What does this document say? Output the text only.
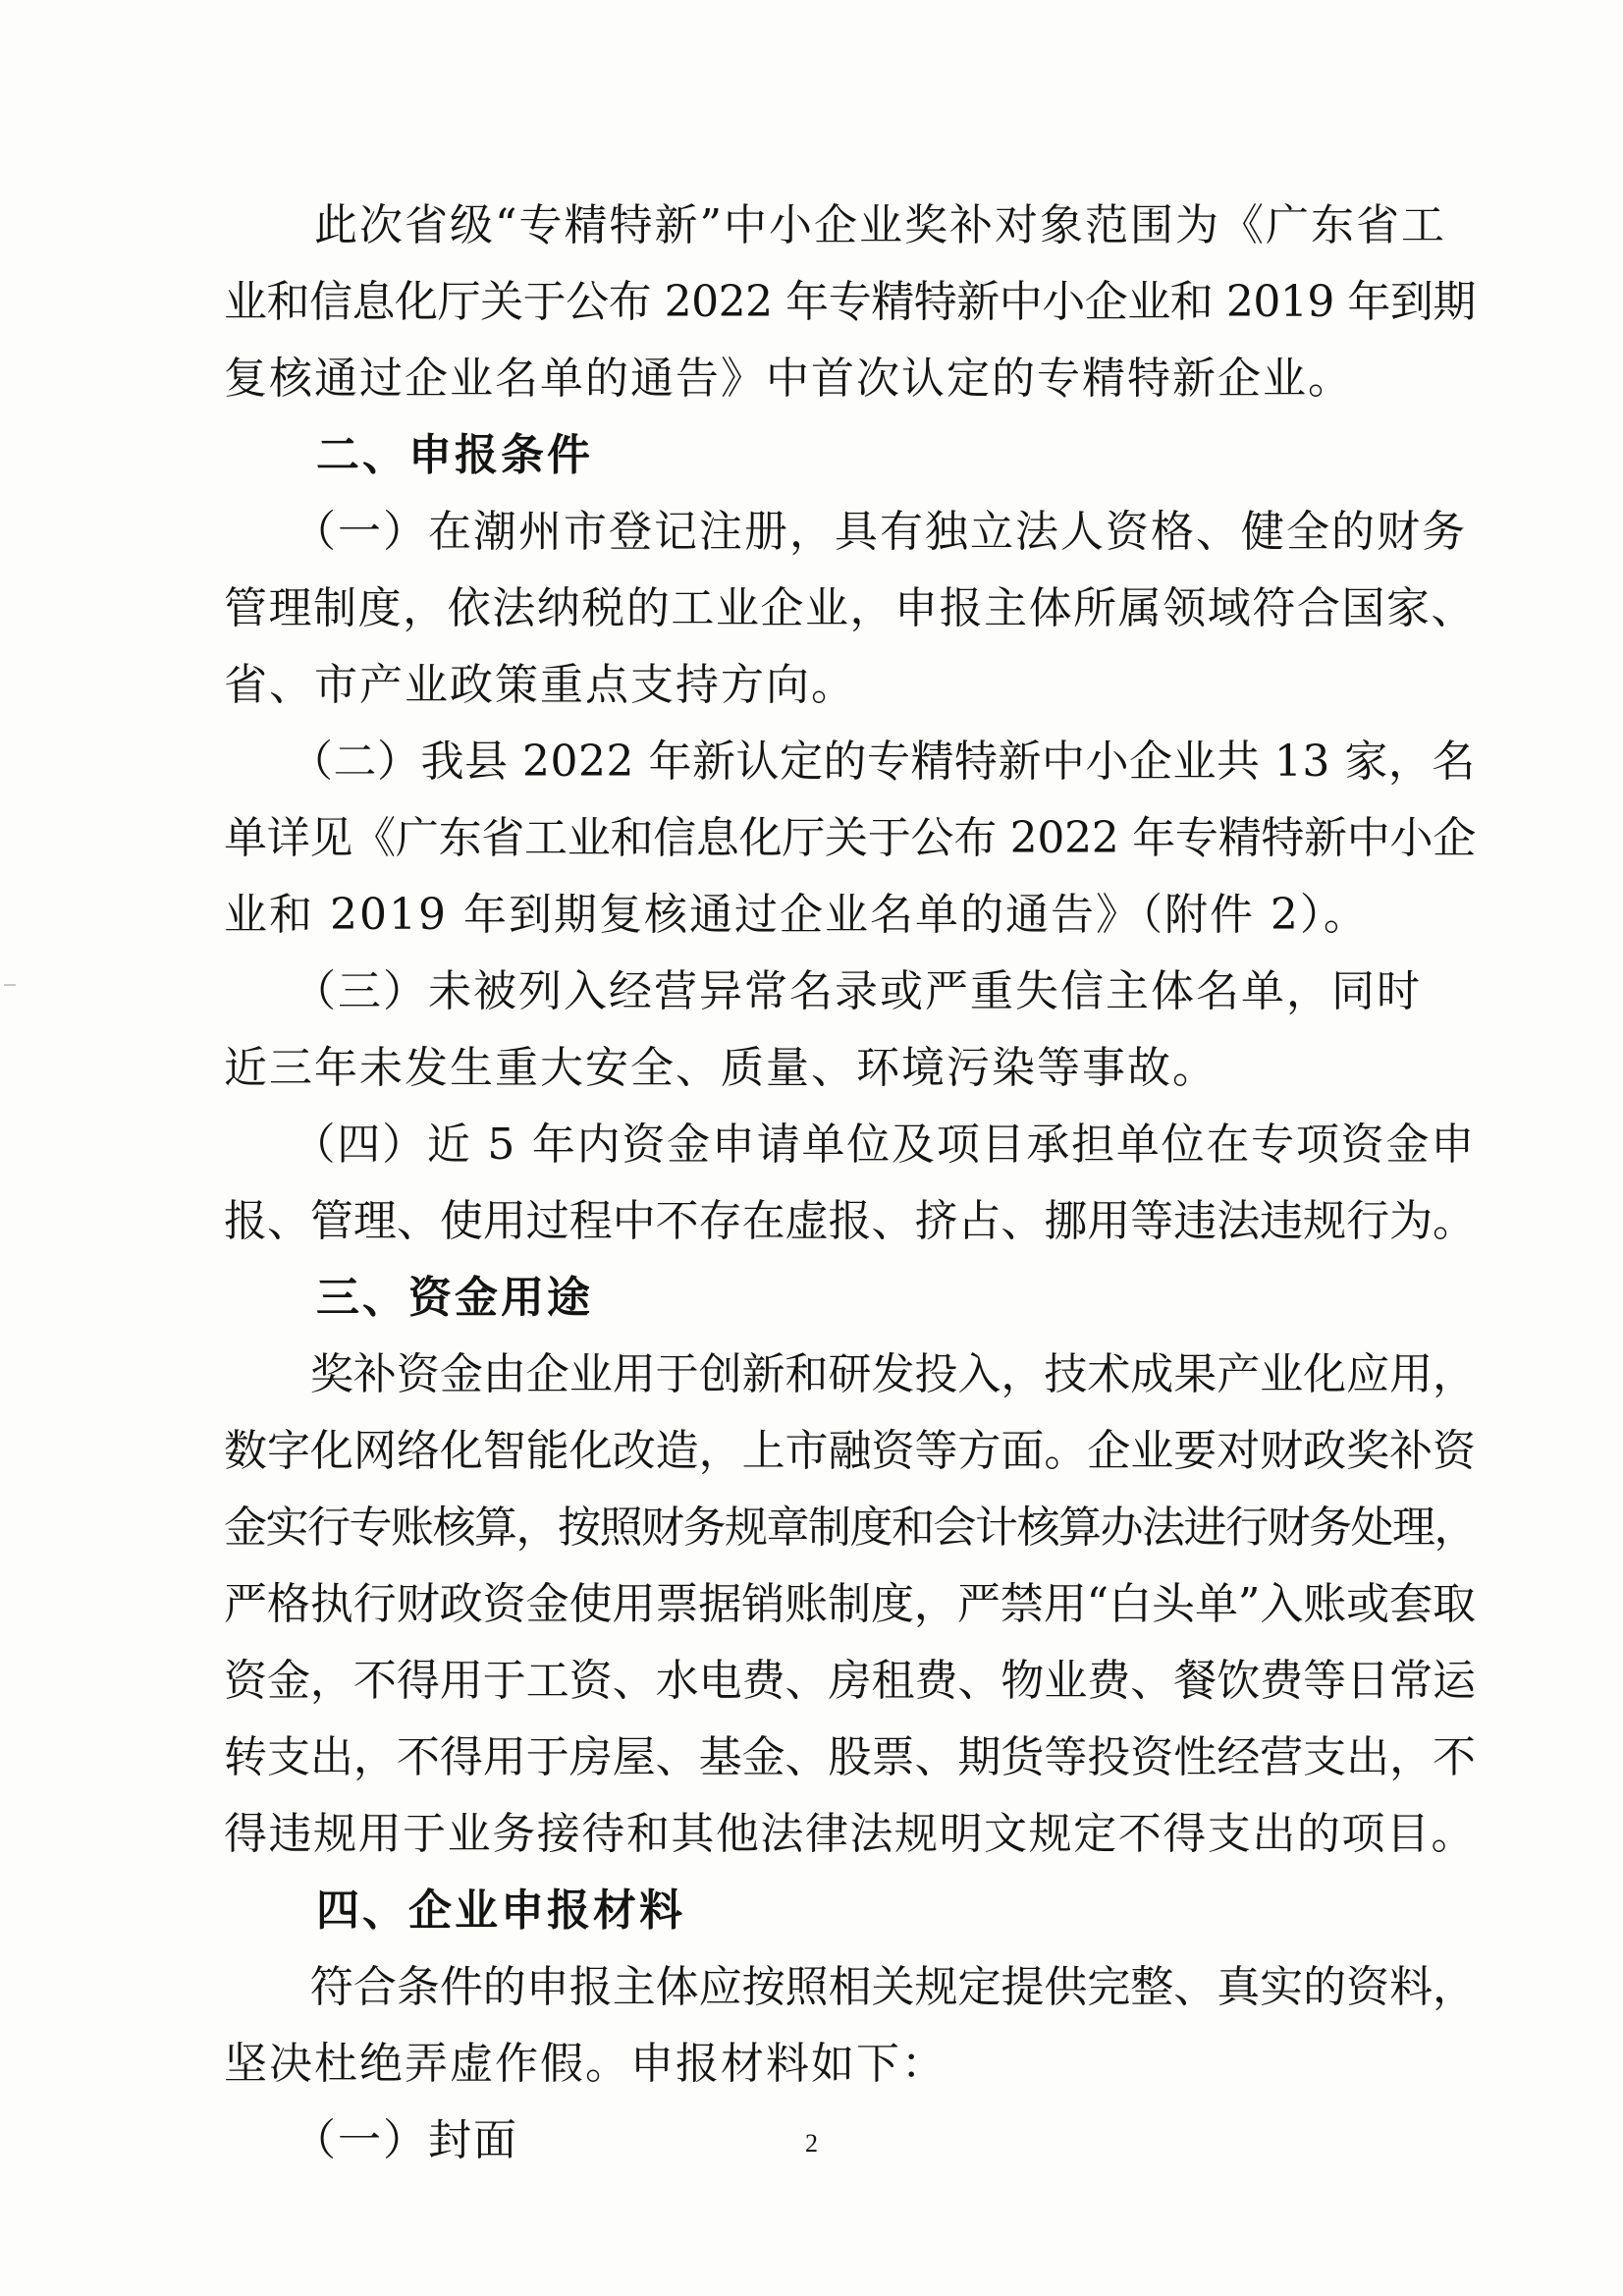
　　此次省级“专精特新”中小企业奖补对象范围为《广东省工
业和信息化厅关于公布 2022 年专精特新中小企业和 2019 年到期
复核通过企业名单的通告》中首次认定的专精特新企业。
　　二、申报条件
　　（一）在潮州市登记注册，具有独立法人资格、健全的财务
管理制度，依法纳税的工业企业，申报主体所属领域符合国家、
省、市产业政策重点支持方向。
　　（二）我县 2022 年新认定的专精特新中小企业共 13 家，名
单详见《广东省工业和信息化厅关于公布 2022 年专精特新中小企
业和 2019 年到期复核通过企业名单的通告》（附件 2）。
　　（三）未被列入经营异常名录或严重失信主体名单，同时
近三年未发生重大安全、质量、环境污染等事故。
　　（四）近 5 年内资金申请单位及项目承担单位在专项资金申
报、管理、使用过程中不存在虚报、挤占、挪用等违法违规行为。
　　三、资金用途
　　奖补资金由企业用于创新和研发投入，技术成果产业化应用，
数字化网络化智能化改造，上市融资等方面。企业要对财政奖补资
金实行专账核算，按照财务规章制度和会计核算办法进行财务处理，
严格执行财政资金使用票据销账制度，严禁用“白头单”入账或套取
资金，不得用于工资、水电费、房租费、物业费、餐饮费等日常运
转支出，不得用于房屋、基金、股票、期货等投资性经营支出，不
得违规用于业务接待和其他法律法规明文规定不得支出的项目。
　　四、企业申报材料
　　符合条件的申报主体应按照相关规定提供完整、真实的资料，
坚决杜绝弄虚作假。申报材料如下：
　　（一）封面	2
